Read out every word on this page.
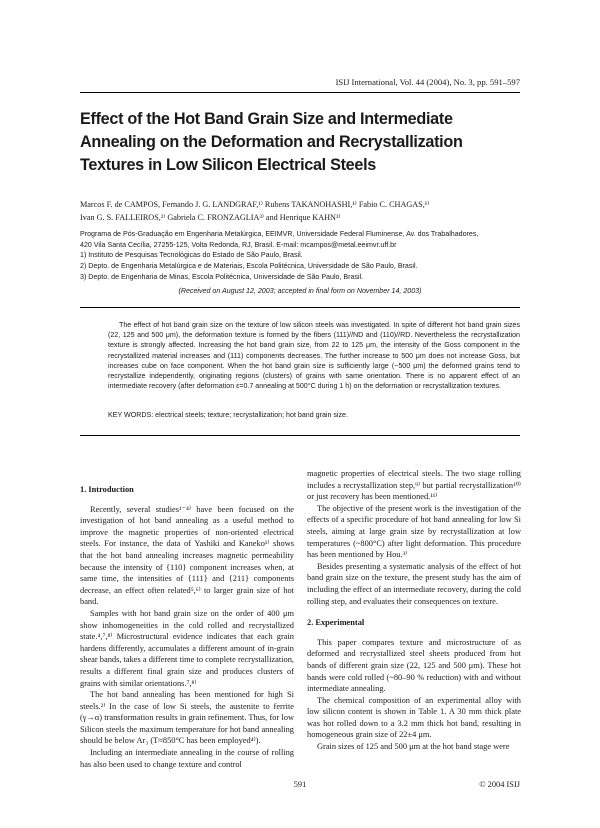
ISIJ International, Vol. 44 (2004), No. 3, pp. 591–597
Effect of the Hot Band Grain Size and Intermediate Annealing on the Deformation and Recrystallization Textures in Low Silicon Electrical Steels
Marcos F. de CAMPOS, Fernando J. G. LANDGRAF,¹⁾ Rubens TAKANOHASHI,¹⁾ Fabio C. CHAGAS,¹⁾
Ivan G. S. FALLEIROS,²⁾ Gabriela C. FRONZAGLIA³⁾ and Henrique KAHN³⁾
Programa de Pós-Graduação em Engenharia Metalúrgica, EEIMVR, Universidade Federal Fluminense, Av. dos Trabalhadores,
420 Vila Santa Cecília, 27255-125, Volta Redonda, RJ, Brasil. E-mail: mcampos@metal.eeimvr.uff.br
1) Instituto de Pesquisas Tecnológicas do Estado de São Paulo, Brasil.
2) Depto. de Engenharia Metalúrgica e de Materiais, Escola Politécnica, Universidade de São Paulo, Brasil.
3) Depto. de Engenharia de Minas, Escola Politécnica, Universidade de São Paulo, Brasil.
(Received on August 12, 2003; accepted in final form on November 14, 2003)

The effect of hot band grain size on the texture of low silicon steels was investigated. In spite of different hot band grain sizes (22, 125 and 500 μm), the deformation texture is formed by the fibers (111)//ND and (110)//RD. Nevertheless the recrystallization texture is strongly affected. Increasing the hot band grain size, from 22 to 125 μm, the intensity of the Goss component in the recrystallized material increases and (111) components decreases. The further increase to 500 μm does not increase Goss, but increases cube on face component. When the hot band grain size is sufficiently large (~500 μm) the deformed grains tend to recrystallize independently, originating regions (clusters) of grains with same orientation. There is no apparent effect of an intermediate recovery (after deformation ε=0.7 annealing at 500°C during 1 h) on the deformation or recrystallization textures.

KEY WORDS: electrical steels; texture; recrystallization; hot band grain size.
1. Introduction

Recently, several studies¹⁻⁴⁾ have been focused on the investigation of hot band annealing as a useful method to improve the magnetic properties of non-oriented electrical steels. For instance, the data of Yashiki and Kaneko¹⁾ shows that the hot band annealing increases magnetic permeability because the intensity of {110} component increases when, at same time, the intensities of {111} and {211} components decrease, an effect often related⁵,⁶⁾ to larger grain size of hot band.

Samples with hot band grain size on the order of 400 μm show inhomogeneities in the cold rolled and recrystallized state.⁴,⁷,⁸⁾ Microstructural evidence indicates that each grain hardens differently, accumulates a different amount of in-grain shear bands, takes a different time to complete recrystallization, results a different final grain size and produces clusters of grains with similar orientations.⁷,⁸⁾

The hot band annealing has been mentioned for high Si steels.²⁾ In the case of low Si steels, the austenite to ferrite (γ→α) transformation results in grain refinement. Thus, for low Silicon steels the maximum temperature for hot band annealing should be below Ar₃ (T≈850°C has been employed⁴⁾).

Including an intermediate annealing in the course of rolling has also been used to change texture and control

magnetic properties of electrical steels. The two stage rolling includes a recrystallization step,⁹⁾ but partial recrystallization¹⁰⁾ or just recovery has been mentioned.¹¹⁾

The objective of the present work is the investigation of the effects of a specific procedure of hot band annealing for low Si steels, aiming at large grain size by recrystallization at low temperatures (~800°C) after light deformation. This procedure has been mentioned by Hou.³⁾

Besides presenting a systematic analysis of the effect of hot band grain size on the texture, the present study has the aim of including the effect of an intermediate recovery, during the cold rolling step, and evaluates their consequences on texture.

2. Experimental

This paper compares texture and microstructure of as deformed and recrystallized steel sheets produced from hot bands of different grain size (22, 125 and 500 μm). These hot bands were cold rolled (~80–90 % reduction) with and without intermediate annealing.

The chemical composition of an experimental alloy with low silicon content is shown in Table 1. A 30 mm thick plate was hot rolled down to a 3.2 mm thick hot band, resulting in homogeneous grain size of 22±4 μm.

Grain sizes of 125 and 500 μm at the hot band stage were

591	© 2004 ISIJ
